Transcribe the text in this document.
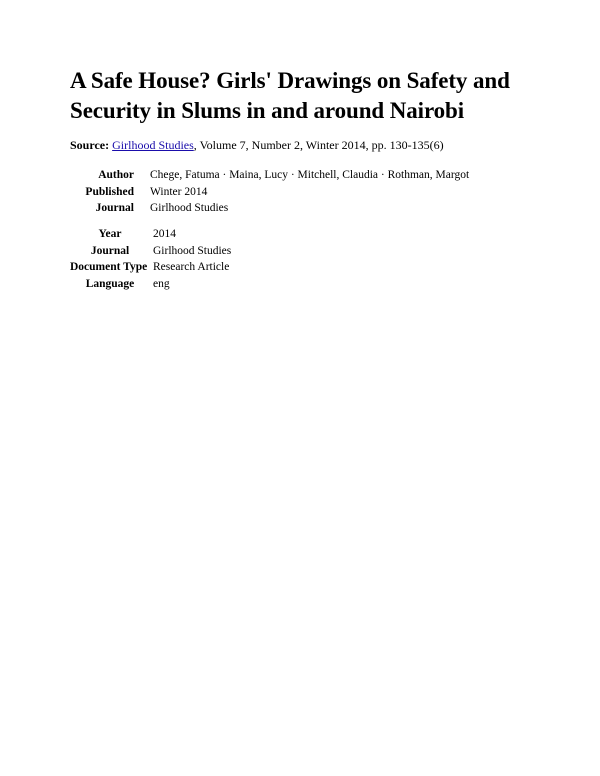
A Safe House? Girls' Drawings on Safety and
Security in Slums in and around Nairobi
Source: Girlhood Studies, Volume 7, Number 2, Winter 2014, pp. 130-135(6)
Author	Chege, Fatuma · Maina, Lucy · Mitchell, Claudia · Rothman, Margot
Published	Winter 2014
Journal	Girlhood Studies
Year	2014
Journal	Girlhood Studies
Document Type	Research Article
Language	eng
